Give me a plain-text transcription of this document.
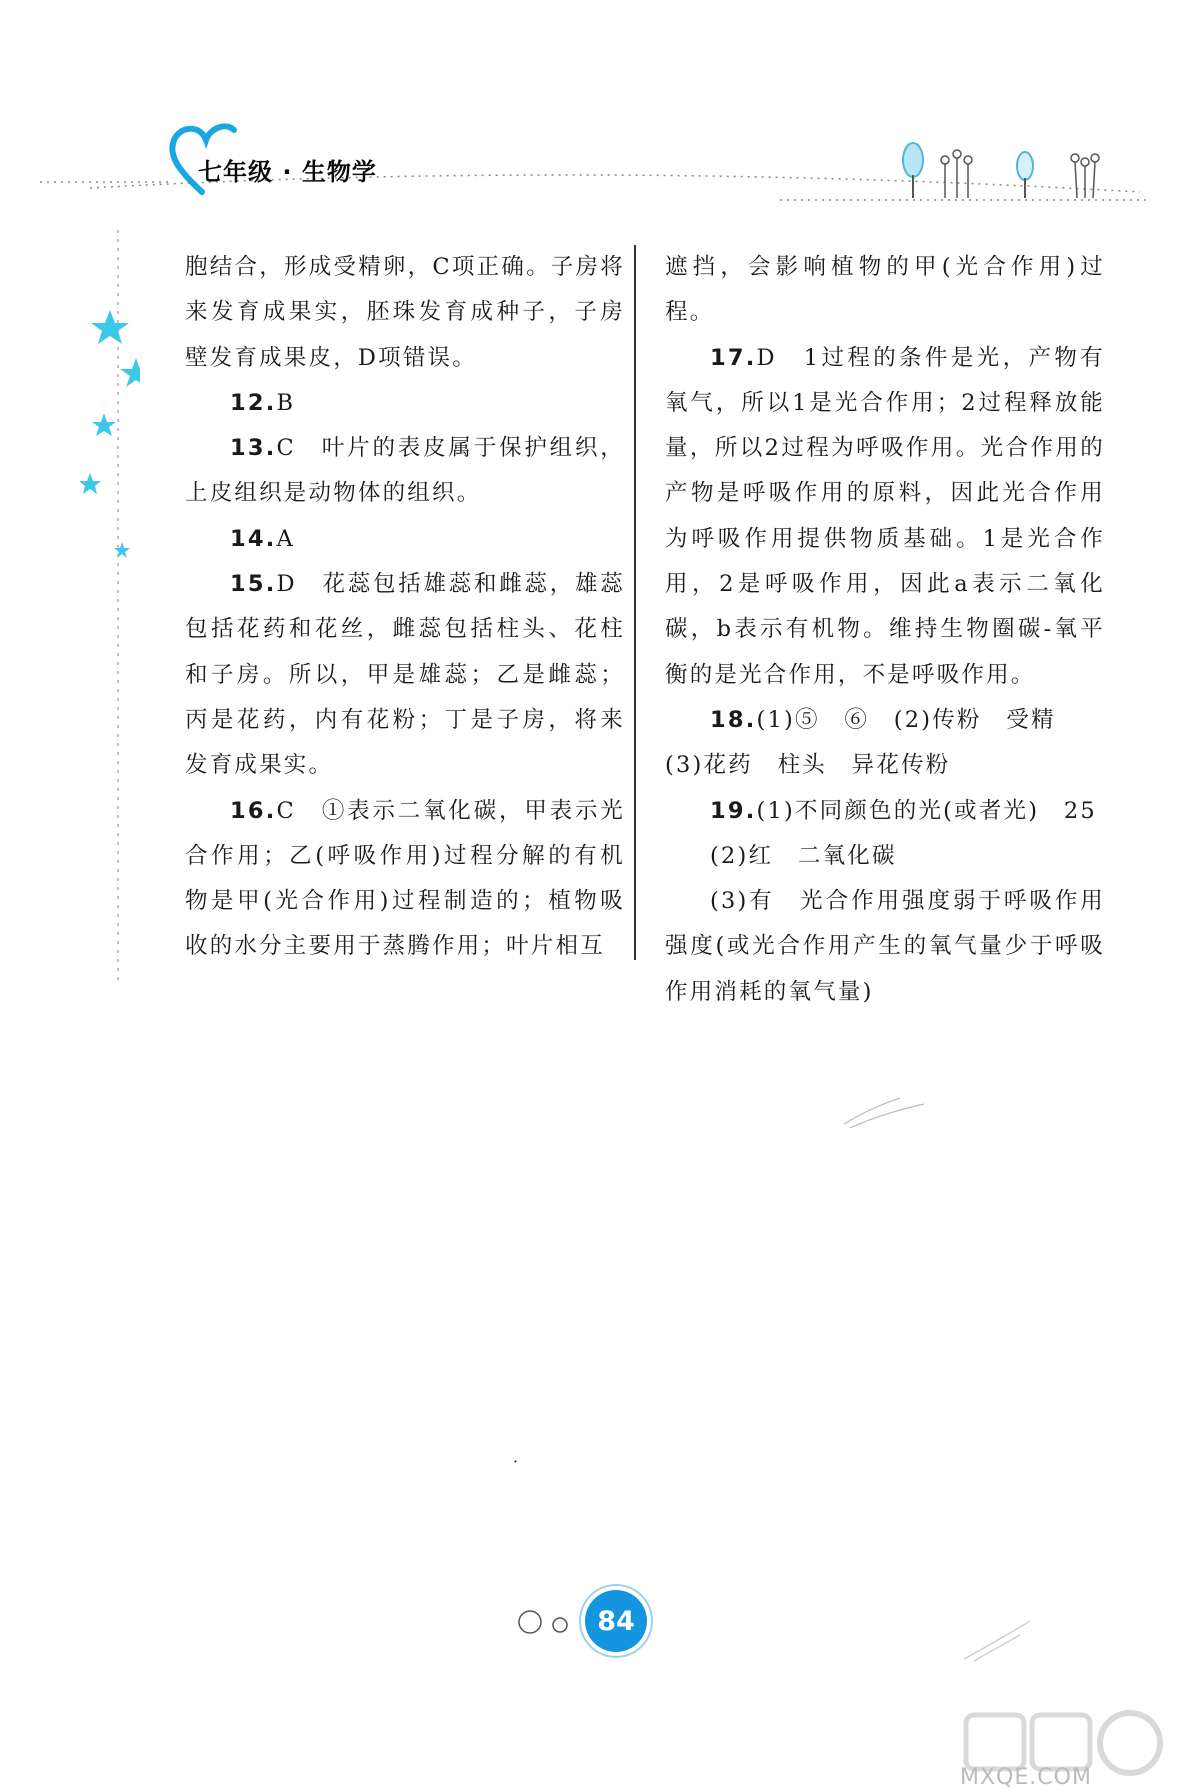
七年级 · 生物学

胞结合，形成受精卵，C项正确。子房将来发育成果实，胚珠发育成种子，子房壁发育成果皮，D项错误。

12.B

13.C　叶片的表皮属于保护组织，上皮组织是动物体的组织。

14.A

15.D　花蕊包括雄蕊和雌蕊，雄蕊包括花药和花丝，雌蕊包括柱头、花柱和子房。所以，甲是雄蕊；乙是雌蕊；丙是花药，内有花粉；丁是子房，将来发育成果实。

16.C　①表示二氧化碳，甲表示光合作用；乙(呼吸作用)过程分解的有机物是甲(光合作用)过程制造的；植物吸收的水分主要用于蒸腾作用；叶片相互

遮挡，会影响植物的甲(光合作用)过程。

17.D　1过程的条件是光，产物有氧气，所以1是光合作用；2过程释放能量，所以2过程为呼吸作用。光合作用的产物是呼吸作用的原料，因此光合作用为呼吸作用提供物质基础。1是光合作用，2是呼吸作用，因此a表示二氧化碳，b表示有机物。维持生物圈碳-氧平衡的是光合作用，不是呼吸作用。

18.(1)⑤　⑥　(2)传粉　受精

(3)花药　柱头　异花传粉

19.(1)不同颜色的光(或者光)　25

(2)红　二氧化碳

(3)有　光合作用强度弱于呼吸作用强度(或光合作用产生的氧气量少于呼吸作用消耗的氧气量)

·
84
MXQE.COM
